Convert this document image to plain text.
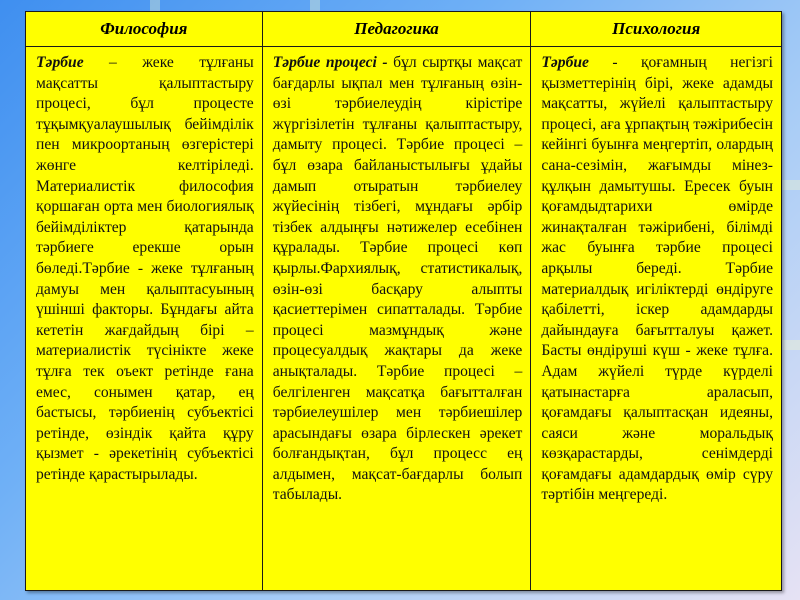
Философия	Педагогика	Психология
Тәрбие – жеке тұлғаны мақсатты қалыптастыру процесі, бұл процесте тұқымқуалаушылық бейімділік пен микроортаның өзгерістері жөнге келтіріледі. Материалистік философия қоршаған орта мен биологиялық бейімділіктер қатарында тәрбиеге ерекше орын бөледі.Тәрбие - жеке тұлғаның дамуы мен қалыптасуының үшінші факторы. Бұндағы айта кететін жағдайдың бірі – материалистік түсінікте жеке тұлға тек оъект ретінде ғана емес, сонымен қатар, ең бастысы, тәрбиенің субъектісі ретінде, өзіндік қайта құру қызмет - әрекетінің субъектісі ретінде қарастырылады.	Тәрбие процесі - бұл сыртқы мақсат бағдарлы ықпал мен тұлғаның өзін-өзі тәрбиелеудің кірістіре жүргізілетін тұлғаны қалыптастыру, дамыту процесі. Тәрбие процесі – бұл өзара байланыстылығы ұдайы дамып отыратын тәрбиелеу жүйесінің тізбегі, мұндағы әрбір тізбек алдыңғы нәтижелер есебінен құралады. Тәрбие процесі көп қырлы.Фархиялық, статистикалық, өзін-өзі басқару алыпты қасиеттерімен сипатталады. Тәрбие процесі мазмұндық және процесуалдық жақтары да жеке анықталады. Тәрбие процесі – белгіленген мақсатқа бағытталған тәрбиелеушілер мен тәрбиешілер арасындағы өзара бірлескен әрекет болғандықтан, бұл процесс ең алдымен, мақсат-бағдарлы болып табылады.	Тәрбие - қоғамның негізгі қызметтерінің бірі, жеке адамды мақсатты, жүйелі қалыптастыру процесі, аға ұрпақтың тәжірибесін кейінгі буынға меңгертіп, олардың сана-сезімін, жағымды мінез-құлқын дамытушы. Ересек буын қоғамдыдтарихи өмірде жинақталған тәжірибені, білімді жас буынға тәрбие процесі арқылы береді. Тәрбие материалдық игіліктерді өндіруге қабілетті, іскер адамдарды дайындауға бағытталуы қажет. Басты өндіруші күш - жеке тұлға. Адам жүйелі түрде күрделі қатынастарға араласып, қоғамдағы қалыптасқан идеяны, саяси және моральдық көзқарастарды, сенімдерді қоғамдағы адамдардық өмір сүру тәртібін меңгереді.
